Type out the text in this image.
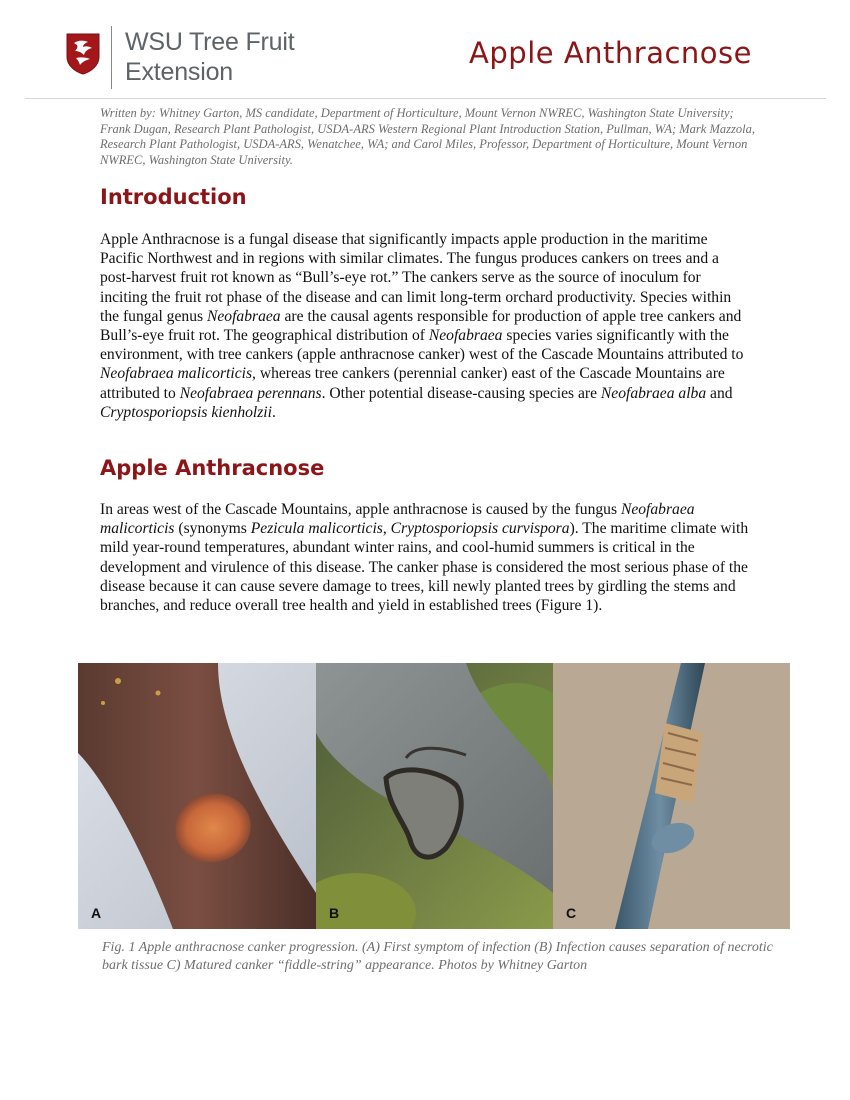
WSU Tree Fruit
Extension
Apple Anthracnose
Written by: Whitney Garton, MS candidate, Department of Horticulture, Mount Vernon NWREC, Washington State University; Frank Dugan, Research Plant Pathologist, USDA-ARS Western Regional Plant Introduction Station, Pullman, WA; Mark Mazzola, Research Plant Pathologist, USDA-ARS, Wenatchee, WA; and Carol Miles, Professor, Department of Horticulture, Mount Vernon NWREC, Washington State University.
Introduction
Apple Anthracnose is a fungal disease that significantly impacts apple production in the maritime Pacific Northwest and in regions with similar climates. The fungus produces cankers on trees and a post-harvest fruit rot known as “Bull’s-eye rot.” The cankers serve as the source of inoculum for inciting the fruit rot phase of the disease and can limit long-term orchard productivity. Species within the fungal genus Neofabraea are the causal agents responsible for production of apple tree cankers and Bull’s-eye fruit rot. The geographical distribution of Neofabraea species varies significantly with the environment, with tree cankers (apple anthracnose canker) west of the Cascade Mountains attributed to Neofabraea malicorticis, whereas tree cankers (perennial canker) east of the Cascade Mountains are attributed to Neofabraea perennans. Other potential disease-causing species are Neofabraea alba and Cryptosporiopsis kienholzii.
Apple Anthracnose
In areas west of the Cascade Mountains, apple anthracnose is caused by the fungus Neofabraea malicorticis (synonyms Pezicula malicorticis, Cryptosporiopsis curvispora). The maritime climate with mild year-round temperatures, abundant winter rains, and cool-humid summers is critical in the development and virulence of this disease. The canker phase is considered the most serious phase of the disease because it can cause severe damage to trees, kill newly planted trees by girdling the stems and branches, and reduce overall tree health and yield in established trees (Figure 1).
A	B	C
Fig. 1 Apple anthracnose canker progression. (A) First symptom of infection (B) Infection causes separation of necrotic bark tissue C) Matured canker “fiddle-string” appearance. Photos by Whitney Garton
